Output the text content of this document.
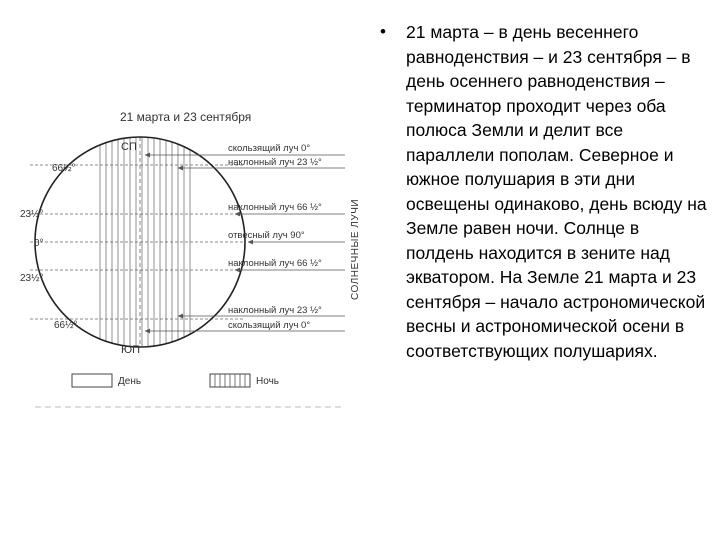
21 марта и 23 сентября
СП
ЮП
66½°
23½°
0°
23½°
66½°
скользящий луч 0°
наклонный луч 23 ½°
наклонный луч 66 ½°
отвесный луч 90°
наклонный луч 66 ½°
наклонный луч 23 ½°
скользящий луч 0°
СОЛНЕЧНЫЕ ЛУЧИ
День	Ночь
•	21 марта – в день весеннего равноденствия – и 23 сентября – в день осеннего равноденствия – терминатор проходит через оба полюса Земли и делит все параллели пополам. Северное и южное полушария в эти дни освещены одинаково, день всюду на Земле равен ночи. Солнце в полдень находится в зените над экватором. На Земле 21 марта и 23 сентября – начало астрономической весны и астрономической осени в соответствующих полушариях.
